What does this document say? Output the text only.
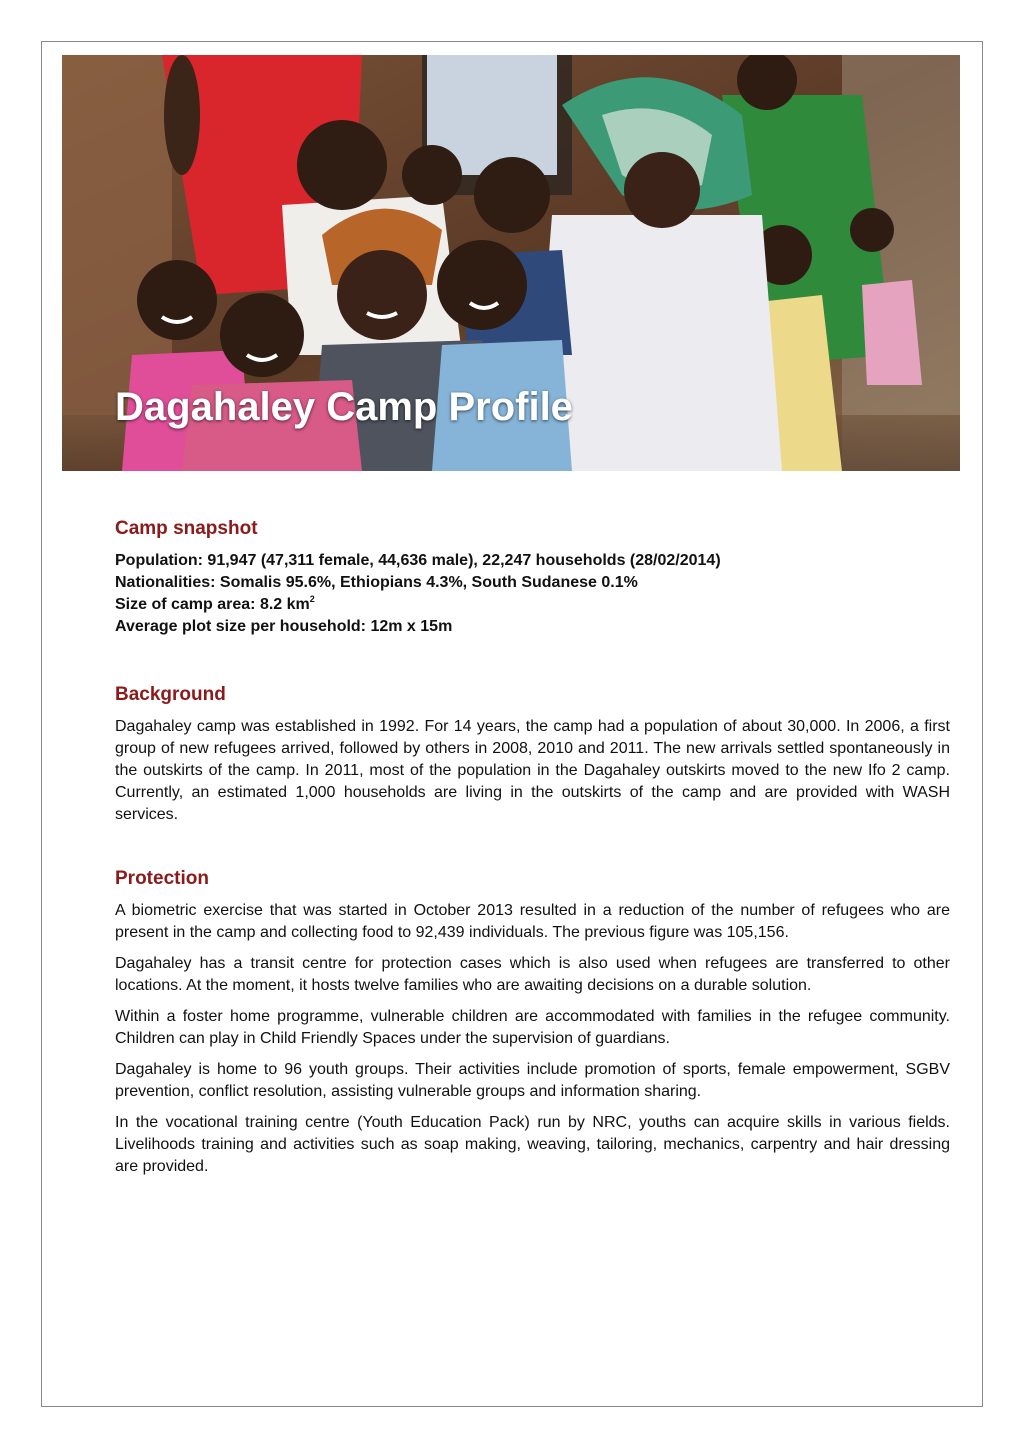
Dagahaley Camp Profile
Camp snapshot
Population: 91,947 (47,311 female, 44,636 male), 22,247 households (28/02/2014)
Nationalities: Somalis 95.6%, Ethiopians 4.3%, South Sudanese 0.1%
Size of camp area: 8.2 $km^2$
Average plot size per household: 12m x 15m
Background

Dagahaley camp was established in 1992. For 14 years, the camp had a population of about 30,000. In 2006, a first group of new refugees arrived, followed by others in 2008, 2010 and 2011. The new arrivals settled spontaneously in the outskirts of the camp. In 2011, most of the population in the Dagahaley outskirts moved to the new Ifo 2 camp. Currently, an estimated 1,000 households are living in the outskirts of the camp and are provided with WASH services.

Protection

A biometric exercise that was started in October 2013 resulted in a reduction of the number of refugees who are present in the camp and collecting food to 92,439 individuals. The previous figure was 105,156.

Dagahaley has a transit centre for protection cases which is also used when refugees are transferred to other locations. At the moment, it hosts twelve families who are awaiting decisions on a durable solution.

Within a foster home programme, vulnerable children are accommodated with families in the refugee community. Children can play in Child Friendly Spaces under the supervision of guardians.

Dagahaley is home to 96 youth groups. Their activities include promotion of sports, female empowerment, SGBV prevention, conflict resolution, assisting vulnerable groups and information sharing.

In the vocational training centre (Youth Education Pack) run by NRC, youths can acquire skills in various fields. Livelihoods training and activities such as soap making, weaving, tailoring, mechanics, carpentry and hair dressing are provided.
